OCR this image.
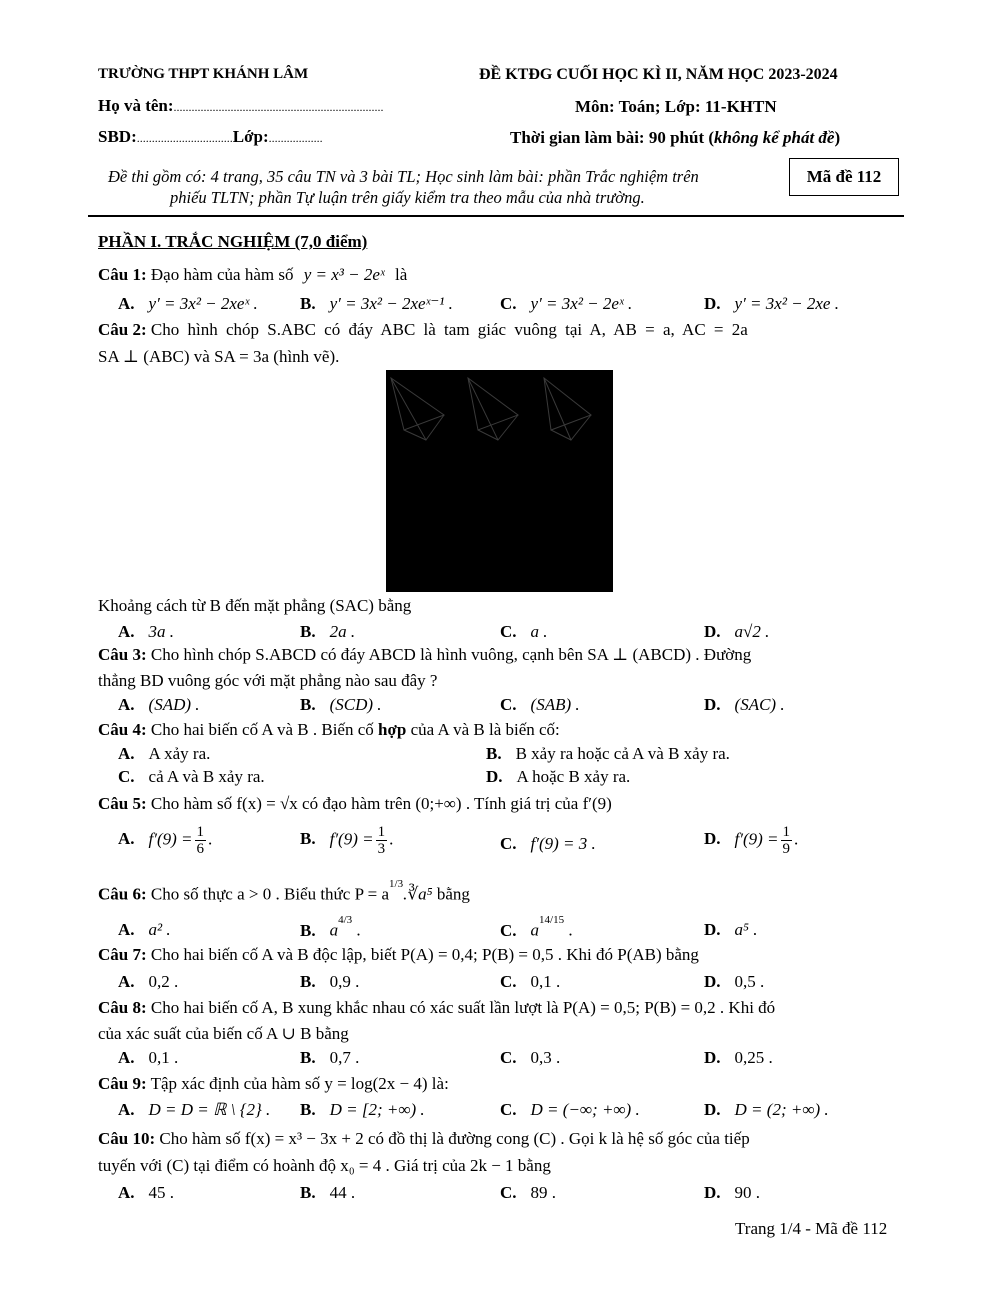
TRƯỜNG THPT KHÁNH LÂM	ĐỀ KTĐG CUỐI HỌC KÌ II, NĂM HỌC 2023-2024
Họ và tên:......................................................................	Môn: Toán; Lớp: 11-KHTN
SBD:................................Lớp:..................	Thời gian làm bài: 90 phút (không kể phát đề)
Đề thi gồm có: 4 trang, 35 câu TN và 3 bài TL; Học sinh làm bài: phần Trắc nghiệm trên
phiếu TLTN; phần Tự luận trên giấy kiểm tra theo mẫu của nhà trường.
Mã đề 112
PHẦN I. TRẮC NGHIỆM (7,0 điểm)
Câu 1: Đạo hàm của hàm số y = x³ − 2eˣ là
A. y′ = 3x² − 2xeˣ . B. y′ = 3x² − 2xeˣ⁻¹ .	C. y′ = 3x² − 2eˣ .	D. y′ = 3x² − 2xe .
Câu 2: Cho hình chóp S.ABC có đáy ABC là tam giác vuông tại A, AB = a, AC = 2a
SA ⊥ (ABC) và SA = 3a (hình vẽ).
Khoảng cách từ B đến mặt phẳng (SAC) bằng
A. 3a .	B. 2a .	C. a .	D. a√2 .
Câu 3: Cho hình chóp S.ABCD có đáy ABCD là hình vuông, cạnh bên SA ⊥ (ABCD) . Đường
thẳng BD vuông góc với mặt phẳng nào sau đây ?
A. (SAD) .	B. (SCD) .	C. (SAB) .	D. (SAC) .
Câu 4: Cho hai biến cố A và B . Biến cố hợp của A và B là biến cố:
A. A xảy ra.	B. B xảy ra hoặc cả A và B xảy ra.
C. cả A và B xảy ra.	D. A hoặc B xảy ra.
Câu 5: Cho hàm số f(x) = √x có đạo hàm trên (0;+∞) . Tính giá trị của f′(9)
A. $f'(9) = \frac{1}{6}$ .	B. $f'(9) = \frac{1}{3}$ .	C. f′(9) = 3 .	D. $f'(9) = \frac{1}{9}$ .
Câu 6: Cho số thực a > 0 . Biểu thức $P = a^{1/3}.∛a^5$ bằng
A. a² .	B. $a^{4/3}$ .	C. $a^{14/15}$ .	D. a⁵ .
Câu 7: Cho hai biến cố A và B độc lập, biết P(A) = 0,4; P(B) = 0,5 . Khi đó P(AB) bằng
A. 0,2 .	B. 0,9 .	C. 0,1 .	D. 0,5 .
Câu 8: Cho hai biến cố A, B xung khắc nhau có xác suất lần lượt là P(A) = 0,5; P(B) = 0,2 . Khi đó
của xác suất của biến cố A ∪ B bằng
A. 0,1 .	B. 0,7 .	C. 0,3 .	D. 0,25 .
Câu 9: Tập xác định của hàm số y = log(2x − 4) là:
A. D = D = ℝ \ {2} . B. D = [2; +∞) .	C. D = (−∞; +∞) .	D. D = (2; +∞) .
Câu 10: Cho hàm số f(x) = x³ − 3x + 2 có đồ thị là đường cong (C) . Gọi k là hệ số góc của tiếp
tuyến với (C) tại điểm có hoành độ x₀ = 4 . Giá trị của 2k − 1 bằng
A. 45 .	B. 44 .	C. 89 .	D. 90 .
Trang 1/4 - Mã đề 112
